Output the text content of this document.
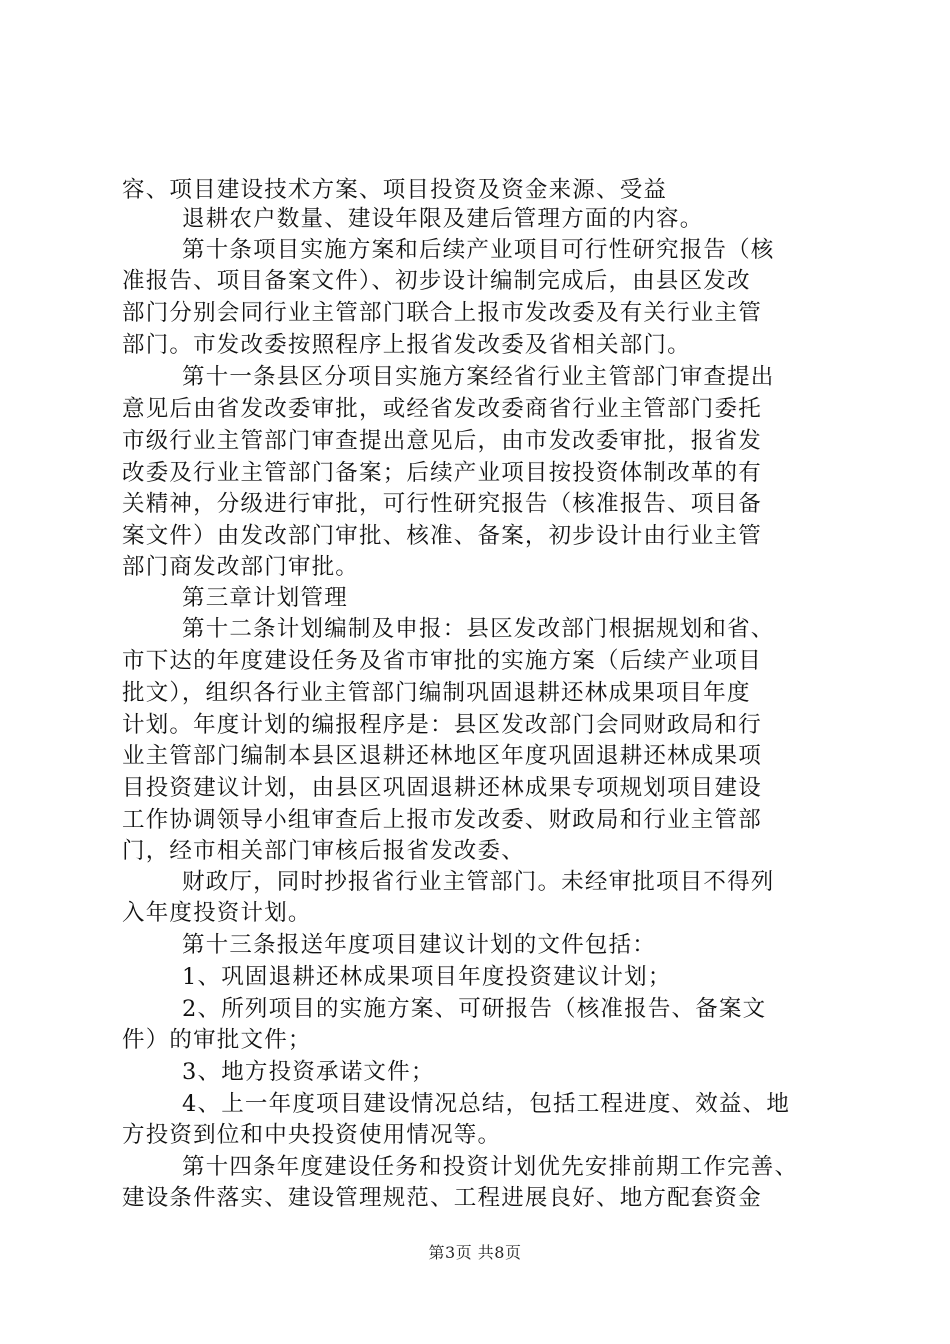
容、项目建设技术方案、项目投资及资金来源、受益
退耕农户数量、建设年限及建后管理方面的内容。
第十条项目实施方案和后续产业项目可行性研究报告（核
准报告、项目备案文件）、初步设计编制完成后，由县区发改
部门分别会同行业主管部门联合上报市发改委及有关行业主管
部门。市发改委按照程序上报省发改委及省相关部门。
第十一条县区分项目实施方案经省行业主管部门审查提出
意见后由省发改委审批，或经省发改委商省行业主管部门委托
市级行业主管部门审查提出意见后，由市发改委审批，报省发
改委及行业主管部门备案；后续产业项目按投资体制改革的有
关精神，分级进行审批，可行性研究报告（核准报告、项目备
案文件）由发改部门审批、核准、备案，初步设计由行业主管
部门商发改部门审批。
第三章计划管理
第十二条计划编制及申报：县区发改部门根据规划和省、
市下达的年度建设任务及省市审批的实施方案（后续产业项目
批文），组织各行业主管部门编制巩固退耕还林成果项目年度
计划。年度计划的编报程序是：县区发改部门会同财政局和行
业主管部门编制本县区退耕还林地区年度巩固退耕还林成果项
目投资建议计划，由县区巩固退耕还林成果专项规划项目建设
工作协调领导小组审查后上报市发改委、财政局和行业主管部
门，经市相关部门审核后报省发改委、
财政厅，同时抄报省行业主管部门。未经审批项目不得列
入年度投资计划。
第十三条报送年度项目建议计划的文件包括：
1、巩固退耕还林成果项目年度投资建议计划；
2、所列项目的实施方案、可研报告（核准报告、备案文
件）的审批文件；
3、地方投资承诺文件；
4、上一年度项目建设情况总结，包括工程进度、效益、地
方投资到位和中央投资使用情况等。
第十四条年度建设任务和投资计划优先安排前期工作完善、
建设条件落实、建设管理规范、工程进展良好、地方配套资金
第3页 共8页
